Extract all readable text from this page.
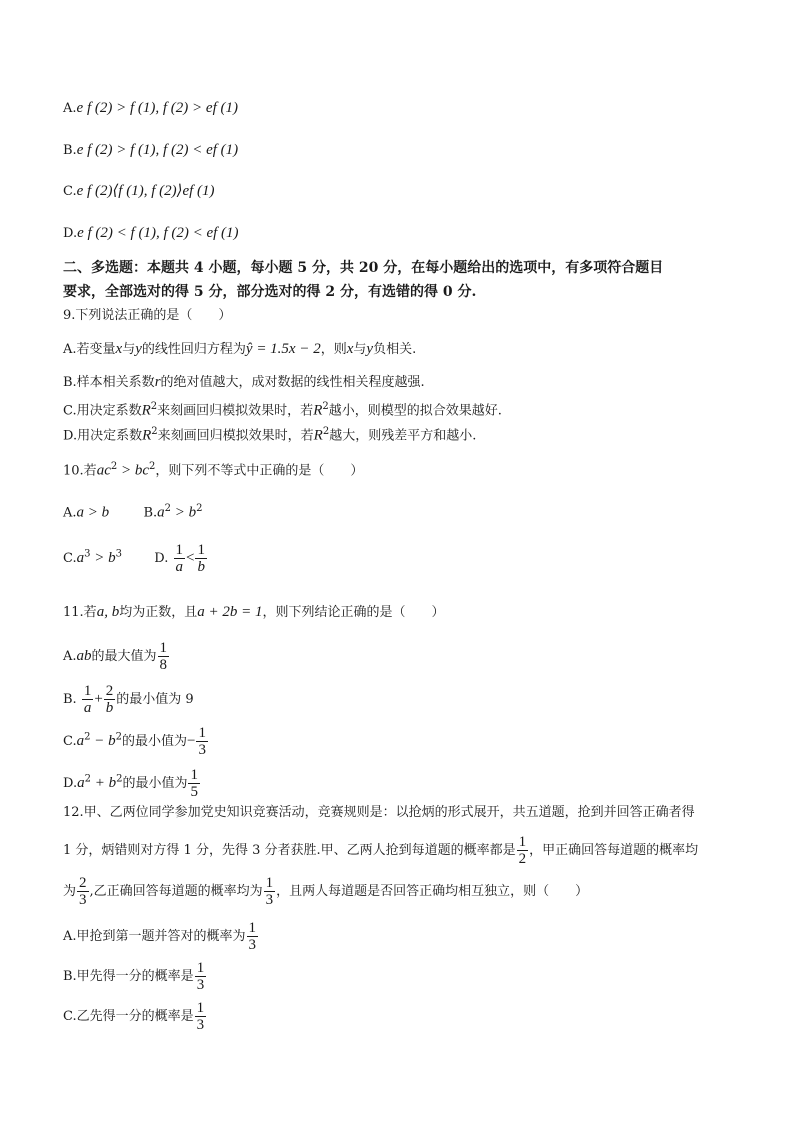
A.e f (2) > f (1), f (2) > ef (1)
B.e f (2) > f (1), f (2) < ef (1)
C.e f (2)⟨f (1), f (2)⟩ef (1)
D.e f (2) < f (1), f (2) < ef (1)
二、多选题：本题共 4 小题，每小题 5 分，共 20 分，在每小题给出的选项中，有多项符合题目
要求，全部选对的得 5 分，部分选对的得 2 分，有选错的得 0 分.
9.下列说法正确的是（　　）
A.若变量x与y的线性回归方程为ŷ = 1.5x − 2，则x与y负相关.
B.样本相关系数r的绝对值越大，成对数据的线性相关程度越强.
C.用决定系数$R^2$来刻画回归模拟效果时，若$R^2$越小，则模型的拟合效果越好.
D.用决定系数$R^2$来刻画回归模拟效果时，若$R^2$越大，则残差平方和越小.
10.若$ac^2 > bc^2$，则下列不等式中正确的是（　　）
A.a > b	$B.a^2 > b^2$
$C.a^3 > b^3$ D. $\frac{1}{a} < \frac{1}{b}$
11.若a, b均为正数，且a + 2b = 1，则下列结论正确的是（　　）
A.ab的最大值为 $\frac{1}{8}$
B. $\frac{1}{a} + \frac{2}{b}$ 的最小值为 9
$C.a^2 - b^2$的最小值为− $\frac{1}{3}$
$D.a^2 + b^2$的最小值为 $\frac{1}{5}$
12.甲、乙两位同学参加党史知识竞赛活动，竞赛规则是：以抢炳的形式展开，共五道题，抢到并回答正确者得
1 分，炳错则对方得 1 分，先得 3 分者获胜.甲、乙两人抢到每道题的概率都是 $\frac{1}{2}$ ，甲正确回答每道题的概率均
为 $\frac{2}{3}$ ,乙正确回答每道题的概率均为 $\frac{1}{3}$ ，且两人每道题是否回答正确均相互独立，则（　　）
A.甲抢到第一题并答对的概率为 $\frac{1}{3}$
B.甲先得一分的概率是 $\frac{1}{3}$
C.乙先得一分的概率是 $\frac{1}{3}$
